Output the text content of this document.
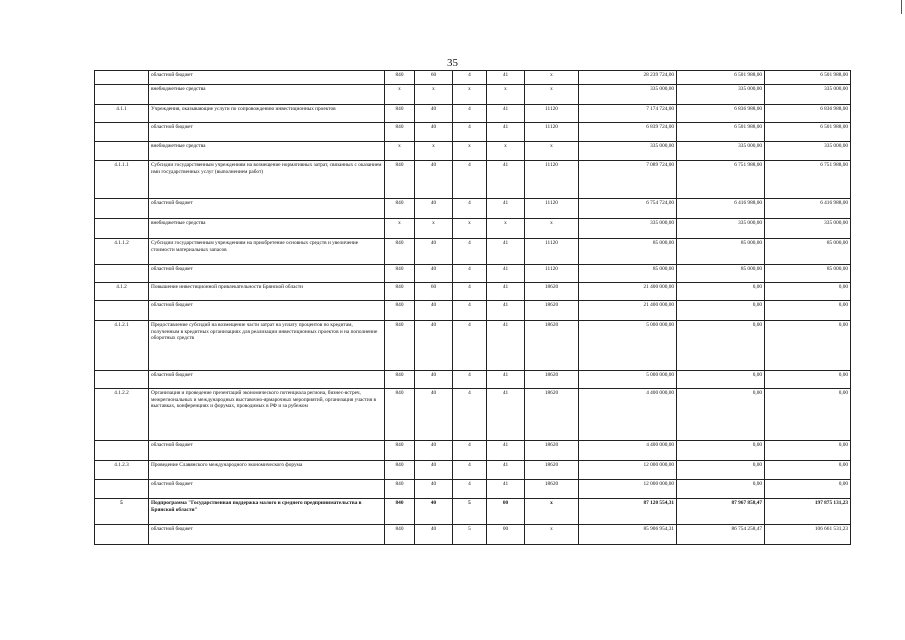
35
	областной бюджет	840	60	4	41	x	28 239 724,00	6 501 988,00	6 501 988,00
	внебюджетные средства	x	x	x	x	x	335 000,00	335 000,00	335 000,00
4.1.1	Учреждения, оказывающие услуги по сопровождению инвестиционных проектов	840	40	4	41	11120	7 174 724,00	6 836 988,00	6 836 988,00
	областной бюджет	840	40	4	41	11120	6 839 724,00	6 501 988,00	6 501 988,00
	внебюджетные средства	x	x	x	x	x	335 000,00	335 000,00	335 000,00
4.1.1.1	Субсидии государственным учреждениям на возмещение нормативных затрат, связанных с оказанием ими государственных услуг (выполнением работ)	840	40	4	41	11120	7 089 724,00	6 751 988,00	6 751 988,00
	областной бюджет	840	40	4	41	11120	6 754 724,00	6 416 988,00	6 416 988,00
	внебюджетные средства	x	x	x	x	x	335 000,00	335 000,00	335 000,00
4.1.1.2	Субсидии государственным учреждениям на приобретение основных средств и увеличение стоимости материальных запасов	840	40	4	41	11120	85 000,00	85 000,00	85 000,00
	областной бюджет	840	40	4	41	11120	85 000,00	85 000,00	85 000,00
4.1.2	Повышение инвестиционной привлекательности Брянской области	840	60	4	41	18620	21 400 000,00	0,00	0,00
	областной бюджет	840	40	4	41	18620	21 400 000,00	0,00	0,00
4.1.2.1	Предоставление субсидий на возмещение части затрат на уплату процентов по кредитам, полученным в кредитных организациях для реализации инвестиционных проектов и на пополнение оборотных средств	840	40	4	41	18620	5 000 000,00	0,00	0,00
	областной бюджет	840	40	4	41	18620	5 000 000,00	0,00	0,00
4.1.2.2	Организация и проведение презентаций экономического потенциала региона, бизнес-встреч, межрегиональных и международных выставочно-ярмарочных мероприятий, организация участия в выставках, конференциях и форумах, проводимых в РФ и за рубежом	840	40	4	41	18620	4 400 000,00	0,00	0,00
	областной бюджет	840	40	4	41	18620	4 400 000,00	0,00	0,00
4.1.2.3	Проведение Славянского международного экономического форума	840	40	4	41	18620	12 000 000,00	0,00	0,00
	областной бюджет	840	40	4	41	18620	12 000 000,00	0,00	0,00
5	Подпрограмма "Государственная поддержка малого и среднего предпринимательства в Брянской области"	840	40	5	00	x	87 120 554,31	87 967 858,47	197 875 131,23
	областной бюджет	840	40	5	00	x	85 906 954,31	86 754 258,47	106 661 531,23
